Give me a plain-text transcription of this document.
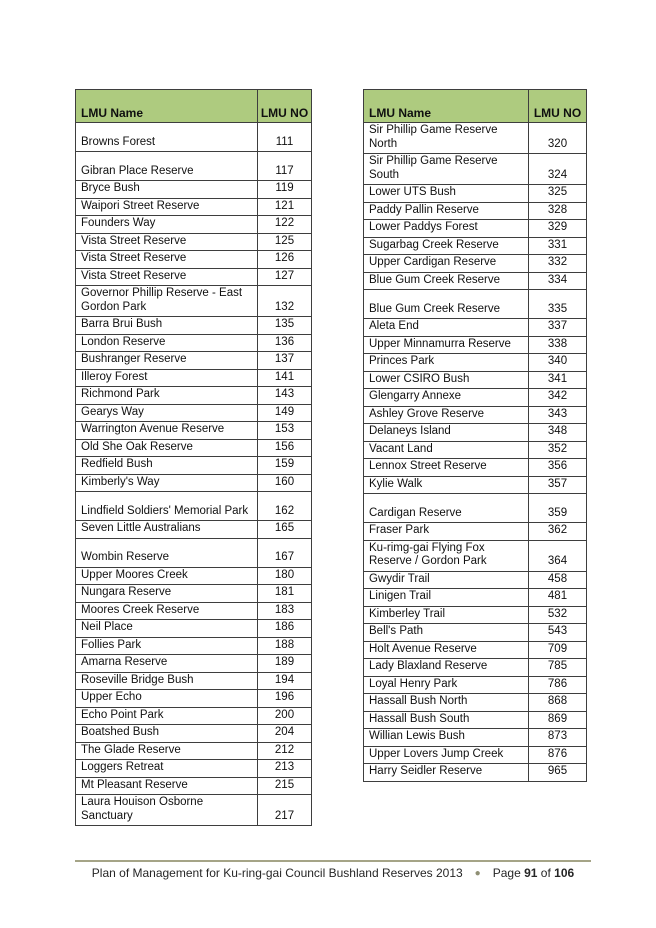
LMU Name	LMU NO
Browns Forest	111
Gibran Place Reserve	117
Bryce Bush	119
Waipori Street Reserve	121
Founders Way	122
Vista Street Reserve	125
Vista Street Reserve	126
Vista Street Reserve	127
Governor Phillip Reserve - East Gordon Park	132
Barra Brui Bush	135
London Reserve	136
Bushranger Reserve	137
Illeroy Forest	141
Richmond Park	143
Gearys Way	149
Warrington Avenue Reserve	153
Old She Oak Reserve	156
Redfield Bush	159
Kimberly's Way	160
Lindfield Soldiers' Memorial Park	162
Seven Little Australians	165
Wombin Reserve	167
Upper Moores Creek	180
Nungara Reserve	181
Moores Creek Reserve	183
Neil Place	186
Follies Park	188
Amarna Reserve	189
Roseville Bridge Bush	194
Upper Echo	196
Echo Point Park	200
Boatshed Bush	204
The Glade Reserve	212
Loggers Retreat	213
Mt Pleasant Reserve	215
Laura Houison Osborne Sanctuary	217
LMU Name	LMU NO
Sir Phillip Game Reserve North	320
Sir Phillip Game Reserve South	324
Lower UTS Bush	325
Paddy Pallin Reserve	328
Lower Paddys Forest	329
Sugarbag Creek Reserve	331
Upper Cardigan Reserve	332
Blue Gum Creek Reserve	334
Blue Gum Creek Reserve	335
Aleta End	337
Upper Minnamurra Reserve	338
Princes Park	340
Lower CSIRO Bush	341
Glengarry Annexe	342
Ashley Grove Reserve	343
Delaneys Island	348
Vacant Land	352
Lennox Street Reserve	356
Kylie Walk	357
Cardigan Reserve	359
Fraser Park	362
Ku-rimg-gai Flying Fox Reserve / Gordon Park	364
Gwydir Trail	458
Linigen Trail	481
Kimberley Trail	532
Bell's Path	543
Holt Avenue Reserve	709
Lady Blaxland Reserve	785
Loyal Henry Park	786
Hassall Bush North	868
Hassall Bush South	869
Willian Lewis Bush	873
Upper Lovers Jump Creek	876
Harry Seidler Reserve	965
Plan of Management for Ku-ring-gai Council Bushland Reserves 2013 ● Page 91 of 106
